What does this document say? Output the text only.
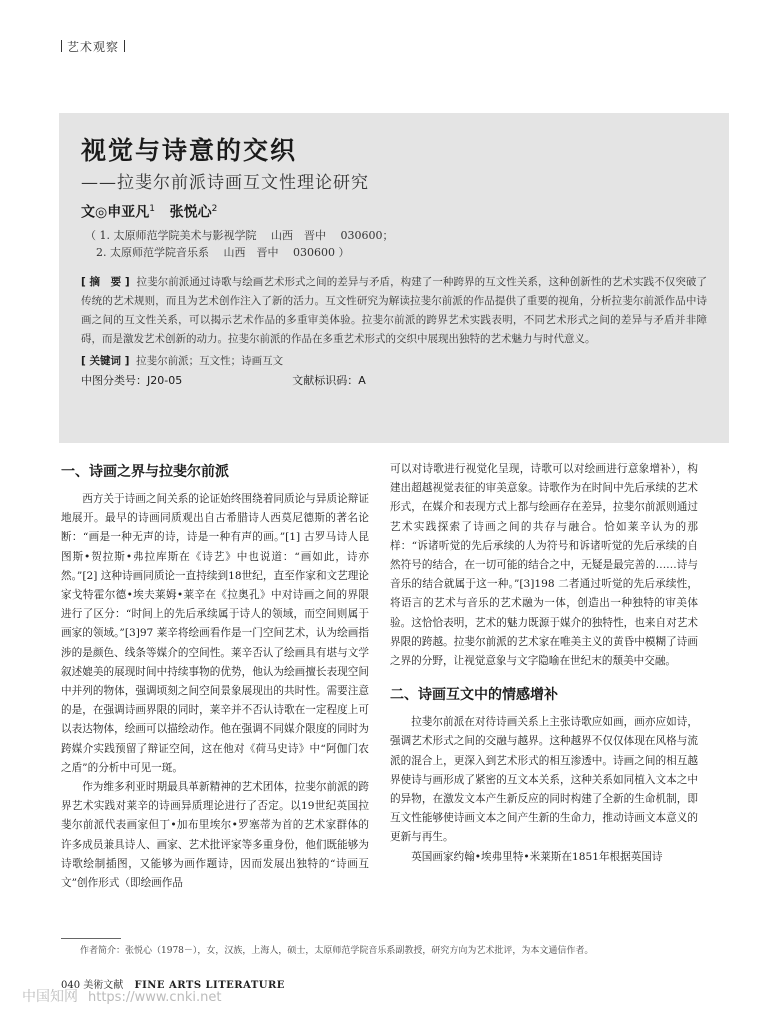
艺术观察
视觉与诗意的交织
——拉斐尔前派诗画互文性理论研究
文◎申亚凡$^1$ 张悦心$^2$
（ 1. 太原师范学院美术与影视学院　 山西　晋中　 030600；
　2. 太原师范学院音乐系　 山西　晋中　 030600 ）
[ 摘　要 ] 拉斐尔前派通过诗歌与绘画艺术形式之间的差异与矛盾，构建了一种跨界的互文性关系，这种创新性的艺术实践不仅突破了传统的艺术规则，而且为艺术创作注入了新的活力。互文性研究为解读拉斐尔前派的作品提供了重要的视角，分析拉斐尔前派作品中诗画之间的互文性关系，可以揭示艺术作品的多重审美体验。拉斐尔前派的跨界艺术实践表明，不同艺术形式之间的差异与矛盾并非障碍，而是激发艺术创新的动力。拉斐尔前派的作品在多重艺术形式的交织中展现出独特的艺术魅力与时代意义。
[ 关键词 ] 拉斐尔前派；互文性；诗画互文
中图分类号：J20-05	文献标识码：A
一、诗画之界与拉斐尔前派

西方关于诗画之间关系的论证始终围绕着同质论与异质论辩证地展开。最早的诗画同质观出自古希腊诗人西莫尼德斯的著名论断：“画是一种无声的诗，诗是一种有声的画。”[1] 古罗马诗人昆图斯•贺拉斯•弗拉库斯在《诗艺》中也说道：“画如此，诗亦然。”[2] 这种诗画同质论一直持续到18世纪，直至作家和文艺理论家戈特霍尔德•埃夫莱姆•莱辛在《拉奥孔》中对诗画之间的界限进行了区分：“时间上的先后承续属于诗人的领域，而空间则属于画家的领域。”[3]97 莱辛将绘画看作是一门空间艺术，认为绘画指涉的是颜色、线条等媒介的空间性。莱辛否认了绘画具有堪与文学叙述媲美的展现时间中持续事物的优势，他认为绘画擅长表现空间中并列的物体，强调顷刻之间空间景象展现出的共时性。需要注意的是，在强调诗画界限的同时，莱辛并不否认诗歌在一定程度上可以表达物体，绘画可以描绘动作。他在强调不同媒介限度的同时为跨媒介实践预留了辩证空间，这在他对《荷马史诗》中“阿伽门农之盾”的分析中可见一斑。

作为维多利亚时期最具革新精神的艺术团体，拉斐尔前派的跨界艺术实践对莱辛的诗画异质理论进行了否定。以19世纪英国拉斐尔前派代表画家但丁•加布里埃尔•罗塞蒂为首的艺术家群体的许多成员兼具诗人、画家、艺术批评家等多重身份，他们既能够为诗歌绘制插图，又能够为画作题诗，因而发展出独特的“诗画互文”创作形式（即绘画作品

可以对诗歌进行视觉化呈现，诗歌可以对绘画进行意象增补），构建出超越视觉表征的审美意象。诗歌作为在时间中先后承续的艺术形式，在媒介和表现方式上都与绘画存在差异，拉斐尔前派则通过艺术实践探索了诗画之间的共存与融合。恰如莱辛认为的那样：“诉诸听觉的先后承续的人为符号和诉诸听觉的先后承续的自然符号的结合，在一切可能的结合之中，无疑是最完善的……诗与音乐的结合就属于这一种。”[3]198 二者通过听觉的先后承续性，将语言的艺术与音乐的艺术融为一体，创造出一种独特的审美体验。这恰恰表明，艺术的魅力既源于媒介的独特性，也来自对艺术界限的跨越。拉斐尔前派的艺术家在唯美主义的黄昏中模糊了诗画之界的分野，让视觉意象与文字隐喻在世纪末的颓美中交融。

二、诗画互文中的情感增补

拉斐尔前派在对待诗画关系上主张诗歌应如画，画亦应如诗，强调艺术形式之间的交融与越界。这种越界不仅仅体现在风格与流派的混合上，更深入到艺术形式的相互渗透中。诗画之间的相互越界使诗与画形成了紧密的互文本关系，这种关系如同植入文本之中的异物，在激发文本产生新反应的同时构建了全新的生命机制，即互文性能够使诗画文本之间产生新的生命力，推动诗画文本意义的更新与再生。

英国画家约翰•埃弗里特•米莱斯在1851年根据英国诗

作者简介：张悦心（1978－），女，汉族，上海人，硕士，太原师范学院音乐系副教授，研究方向为艺术批评，为本文通信作者。
040 美術文献 FINE ARTS LITERATURE
中国知网 https://www.cnki.net
